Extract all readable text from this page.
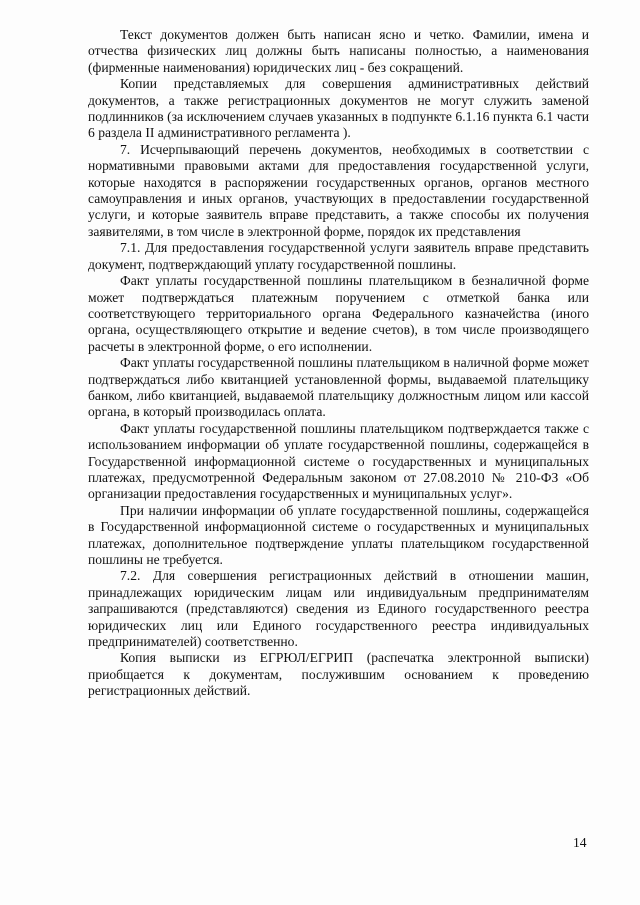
Текст документов должен быть написан ясно и четко. Фамилии, имена и отчества физических лиц должны быть написаны полностью, а наименования (фирменные наименования) юридических лиц - без сокращений.

Копии представляемых для совершения административных действий документов, а также регистрационных документов не могут служить заменой подлинников (за исключением случаев указанных в подпункте 6.1.16 пункта 6.1 части 6 раздела II административного регламента ).

7. Исчерпывающий перечень документов, необходимых в соответствии с нормативными правовыми актами для предоставления государственной услуги, которые находятся в распоряжении государственных органов, органов местного самоуправления и иных органов, участвующих в предоставлении государственной услуги, и которые заявитель вправе представить, а также способы их получения заявителями, в том числе в электронной форме, порядок их представления

7.1. Для предоставления государственной услуги заявитель вправе представить документ, подтверждающий уплату государственной пошлины.

Факт уплаты государственной пошлины плательщиком в безналичной форме может подтверждаться платежным поручением с отметкой банка или соответствующего территориального органа Федерального казначейства (иного органа, осуществляющего открытие и ведение счетов), в том числе производящего расчеты в электронной форме, о его исполнении.

Факт уплаты государственной пошлины плательщиком в наличной форме может подтверждаться либо квитанцией установленной формы, выдаваемой плательщику банком, либо квитанцией, выдаваемой плательщику должностным лицом или кассой органа, в который производилась оплата.

Факт уплаты государственной пошлины плательщиком подтверждается также с использованием информации об уплате государственной пошлины, содержащейся в Государственной информационной системе о государственных и муниципальных платежах, предусмотренной Федеральным законом от 27.08.2010 № 210-ФЗ «Об организации предоставления государственных и муниципальных услуг».

При наличии информации об уплате государственной пошлины, содержащейся в Государственной информационной системе о государственных и муниципальных платежах, дополнительное подтверждение уплаты плательщиком государственной пошлины не требуется.

7.2. Для совершения регистрационных действий в отношении машин, принадлежащих юридическим лицам или индивидуальным предпринимателям запрашиваются (представляются) сведения из Единого государственного реестра юридических лиц или Единого государственного реестра индивидуальных предпринимателей) соответственно.

Копия выписки из ЕГРЮЛ/ЕГРИП (распечатка электронной выписки) приобщается к документам, послужившим основанием к проведению регистрационных действий.

14
